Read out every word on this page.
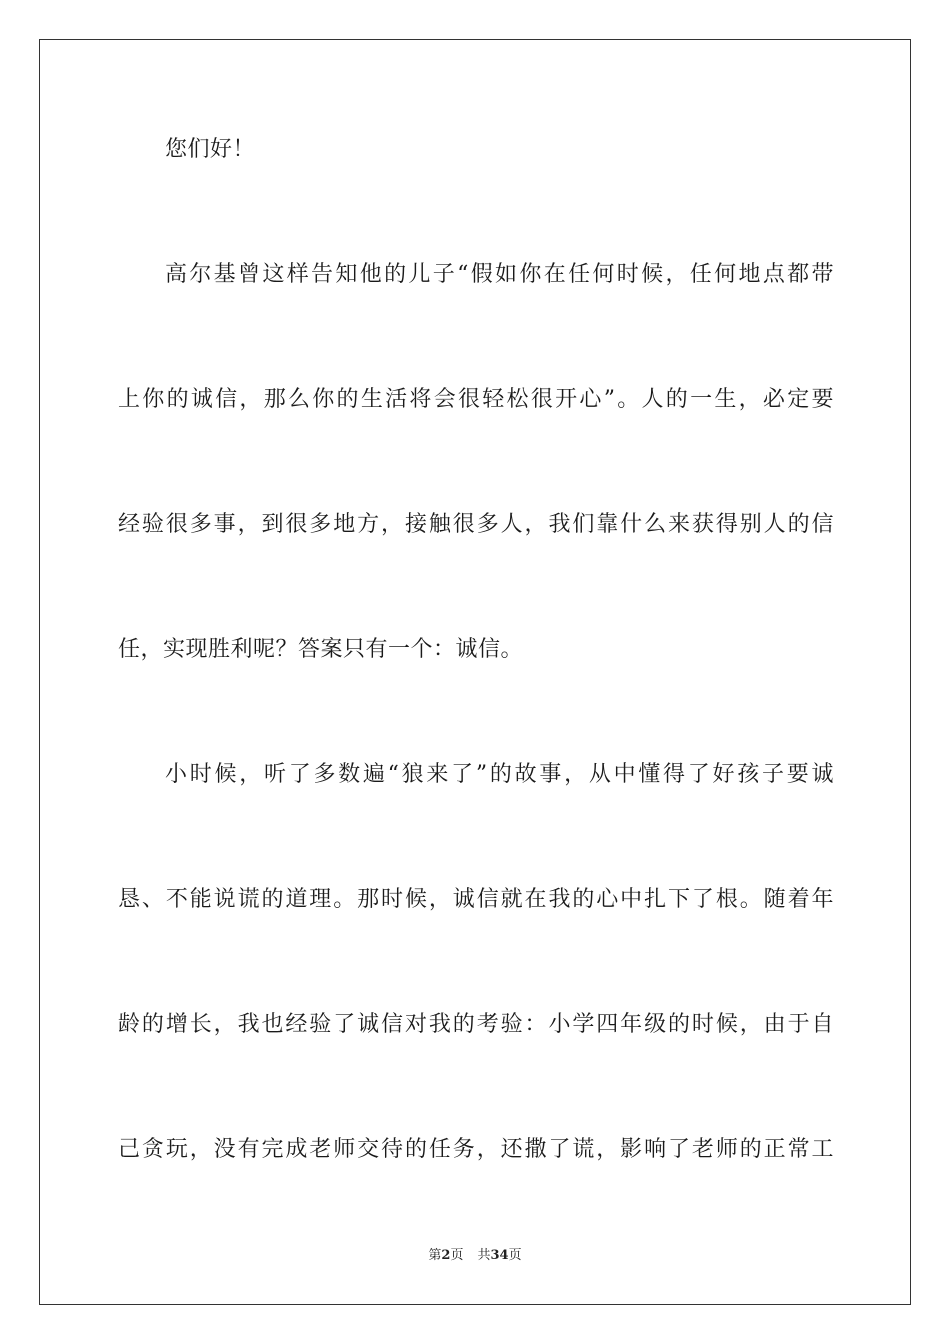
您们好！
高尔基曾这样告知他的儿子“假如你在任何时候，任何地点都带
上你的诚信，那么你的生活将会很轻松很开心”。人的一生，必定要
经验很多事，到很多地方，接触很多人，我们靠什么来获得别人的信
任，实现胜利呢？答案只有一个：诚信。
小时候，听了多数遍“狼来了”的故事，从中懂得了好孩子要诚
恳、不能说谎的道理。那时候，诚信就在我的心中扎下了根。随着年
龄的增长，我也经验了诚信对我的考验：小学四年级的时候，由于自
己贪玩，没有完成老师交待的任务，还撒了谎，影响了老师的正常工
第2页 共34页
